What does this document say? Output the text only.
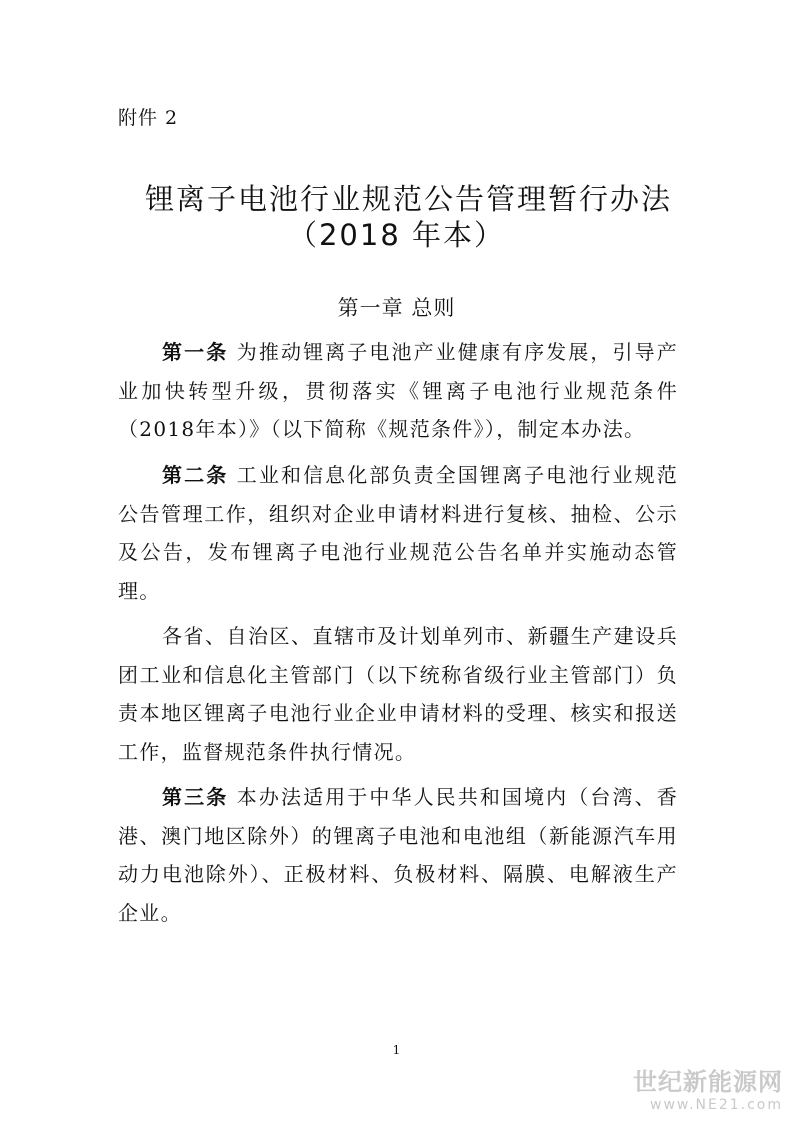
附件 2
锂离子电池行业规范公告管理暂行办法
（2018 年本）
第一章 总则
第一条 为推动锂离子电池产业健康有序发展，引导产业加快转型升级，贯彻落实《锂离子电池行业规范条件（2018年本）》（以下简称《规范条件》），制定本办法。
第二条 工业和信息化部负责全国锂离子电池行业规范公告管理工作，组织对企业申请材料进行复核、抽检、公示及公告，发布锂离子电池行业规范公告名单并实施动态管理。
各省、自治区、直辖市及计划单列市、新疆生产建设兵团工业和信息化主管部门（以下统称省级行业主管部门）负责本地区锂离子电池行业企业申请材料的受理、核实和报送工作，监督规范条件执行情况。
第三条 本办法适用于中华人民共和国境内（台湾、香港、澳门地区除外）的锂离子电池和电池组（新能源汽车用动力电池除外）、正极材料、负极材料、隔膜、电解液生产企业。
1
世纪新能源网
www.NE21.com
